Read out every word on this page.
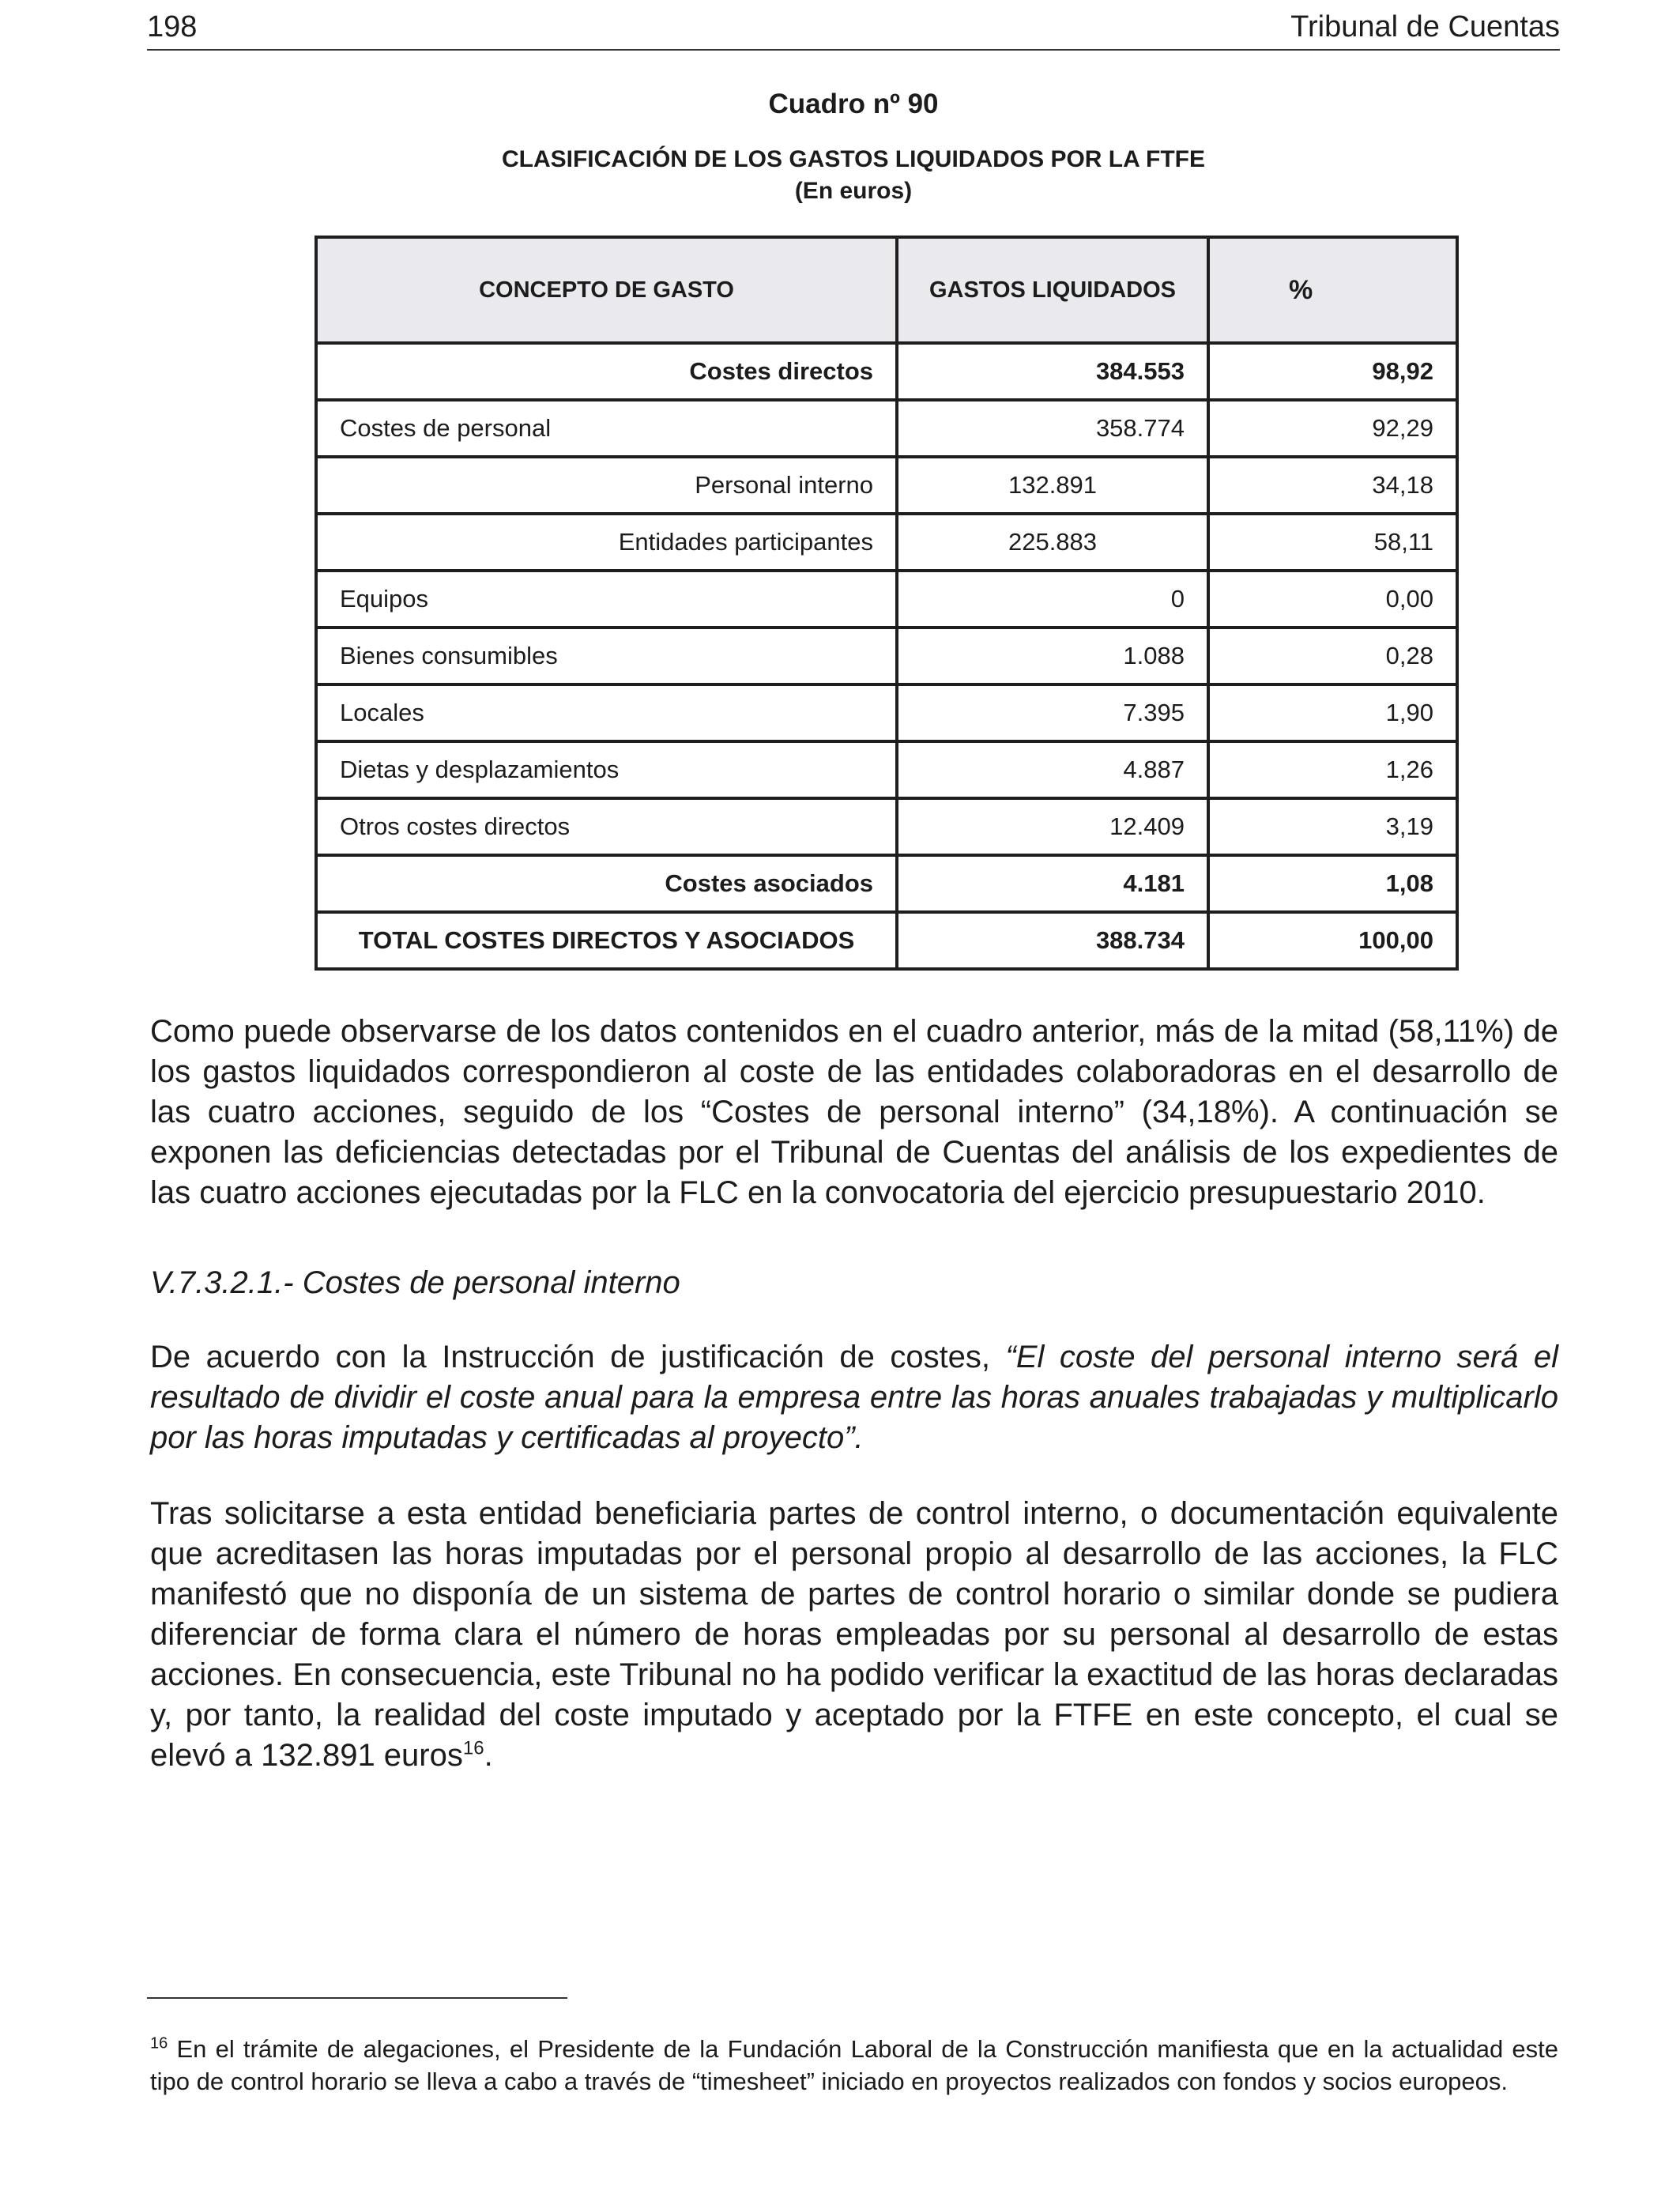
198	Tribunal de Cuentas
Cuadro nº 90
CLASIFICACIÓN DE LOS GASTOS LIQUIDADOS POR LA FTFE
(En euros)
CONCEPTO DE GASTO	GASTOS LIQUIDADOS	%
Costes directos	384.553	98,92
Costes de personal	358.774	92,29
Personal interno	132.891	34,18
Entidades participantes	225.883	58,11
Equipos	0	0,00
Bienes consumibles	1.088	0,28
Locales	7.395	1,90
Dietas y desplazamientos	4.887	1,26
Otros costes directos	12.409	3,19
Costes asociados	4.181	1,08
TOTAL COSTES DIRECTOS Y ASOCIADOS	388.734	100,00

Como puede observarse de los datos contenidos en el cuadro anterior, más de la mitad (58,11%) de los gastos liquidados correspondieron al coste de las entidades colaboradoras en el desarrollo de las cuatro acciones, seguido de los “Costes de personal interno” (34,18%). A continuación se exponen las deficiencias detectadas por el Tribunal de Cuentas del análisis de los expedientes de las cuatro acciones ejecutadas por la FLC en la convocatoria del ejercicio presupuestario 2010.

V.7.3.2.1.- Costes de personal interno

De acuerdo con la Instrucción de justificación de costes, “El coste del personal interno será el resultado de dividir el coste anual para la empresa entre las horas anuales trabajadas y multiplicarlo por las horas imputadas y certificadas al proyecto”.

Tras solicitarse a esta entidad beneficiaria partes de control interno, o documentación equivalente que acreditasen las horas imputadas por el personal propio al desarrollo de las acciones, la FLC manifestó que no disponía de un sistema de partes de control horario o similar donde se pudiera diferenciar de forma clara el número de horas empleadas por su personal al desarrollo de estas acciones. En consecuencia, este Tribunal no ha podido verificar la exactitud de las horas declaradas y, por tanto, la realidad del coste imputado y aceptado por la FTFE en este concepto, el cual se elevó a 132.891 euros$^{16}$.

$^{16}$ En el trámite de alegaciones, el Presidente de la Fundación Laboral de la Construcción manifiesta que en la actualidad este tipo de control horario se lleva a cabo a través de “timesheet” iniciado en proyectos realizados con fondos y socios europeos.
